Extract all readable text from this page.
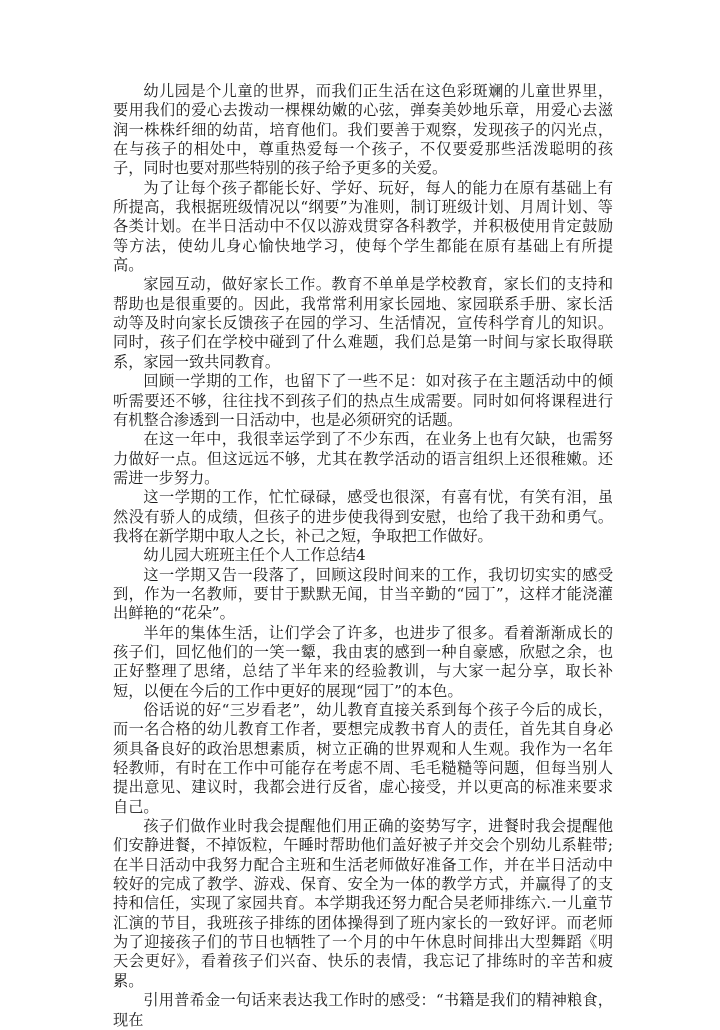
幼儿园是个儿童的世界，而我们正生活在这色彩斑斓的儿童世界里，要用我们的爱心去拨动一棵棵幼嫩的心弦，弹奏美妙地乐章，用爱心去滋润一株株纤细的幼苗，培育他们。我们要善于观察，发现孩子的闪光点，在与孩子的相处中，尊重热爱每一个孩子，不仅要爱那些活泼聪明的孩子，同时也要对那些特别的孩子给予更多的关爱。

为了让每个孩子都能长好、学好、玩好，每人的能力在原有基础上有所提高，我根据班级情况以“纲要”为准则，制订班级计划、月周计划、等各类计划。在半日活动中不仅以游戏贯穿各科教学，并积极使用肯定鼓励等方法，使幼儿身心愉快地学习，使每个学生都能在原有基础上有所提高。

家园互动，做好家长工作。教育不单单是学校教育，家长们的支持和帮助也是很重要的。因此，我常常利用家长园地、家园联系手册、家长活动等及时向家长反馈孩子在园的学习、生活情况，宣传科学育儿的知识。同时，孩子们在学校中碰到了什么难题，我们总是第一时间与家长取得联系，家园一致共同教育。

回顾一学期的工作，也留下了一些不足：如对孩子在主题活动中的倾听需要还不够，往往找不到孩子们的热点生成需要。同时如何将课程进行有机整合渗透到一日活动中，也是必须研究的话题。

在这一年中，我很幸运学到了不少东西，在业务上也有欠缺，也需努力做好一点。但这远远不够，尤其在教学活动的语言组织上还很稚嫩。还需进一步努力。

这一学期的工作，忙忙碌碌，感受也很深，有喜有忧，有笑有泪，虽然没有骄人的成绩，但孩子的进步使我得到安慰，也给了我干劲和勇气。我将在新学期中取人之长，补己之短，争取把工作做好。

幼儿园大班班主任个人工作总结4

这一学期又告一段落了，回顾这段时间来的工作，我切切实实的感受到，作为一名教师，要甘于默默无闻，甘当辛勤的“园丁”，这样才能浇灌出鲜艳的“花朵”。

半年的集体生活，让们学会了许多，也进步了很多。看着渐渐成长的孩子们，回忆他们的一笑一颦，我由衷的感到一种自豪感，欣慰之余，也正好整理了思绪，总结了半年来的经验教训，与大家一起分享，取长补短，以便在今后的工作中更好的展现“园丁”的本色。

俗话说的好“三岁看老”，幼儿教育直接关系到每个孩子今后的成长，而一名合格的幼儿教育工作者，要想完成教书育人的责任，首先其自身必须具备良好的政治思想素质，树立正确的世界观和人生观。我作为一名年轻教师，有时在工作中可能存在考虑不周、毛毛糙糙等问题，但每当别人提出意见、建议时，我都会进行反省，虚心接受，并以更高的标准来要求自己。

孩子们做作业时我会提醒他们用正确的姿势写字，进餐时我会提醒他们安静进餐，不掉饭粒，午睡时帮助他们盖好被子并交会个别幼儿系鞋带;在半日活动中我努力配合主班和生活老师做好准备工作，并在半日活动中较好的完成了教学、游戏、保育、安全为一体的教学方式，并赢得了的支持和信任，实现了家园共育。本学期我还努力配合吴老师排练六.一儿童节汇演的节目，我班孩子排练的团体操得到了班内家长的一致好评。而老师为了迎接孩子们的节日也牺牲了一个月的中午休息时间排出大型舞蹈《明天会更好》，看着孩子们兴奋、快乐的表情，我忘记了排练时的辛苦和疲累。

引用普希金一句话来表达我工作时的感受：“书籍是我们的精神粮食，现在
